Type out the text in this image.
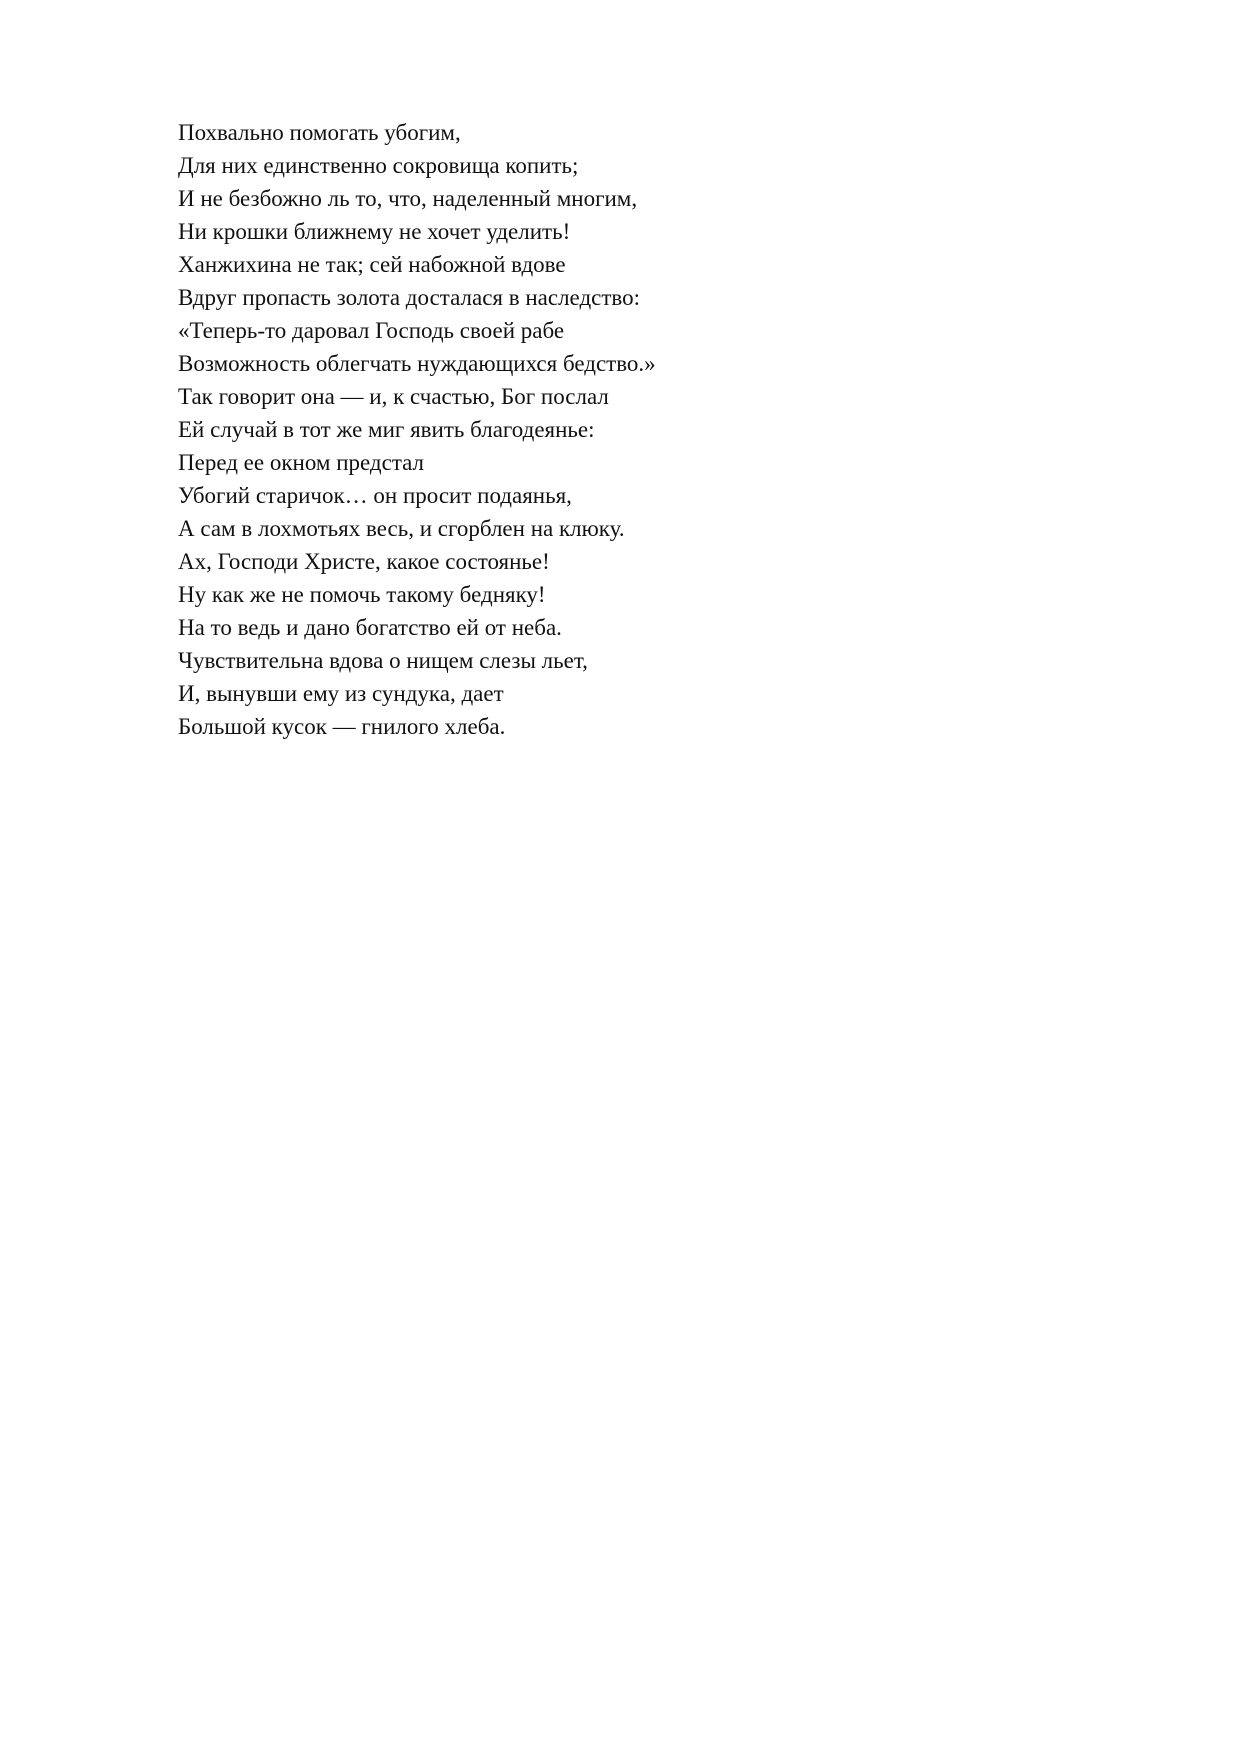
Похвально помогать убогим,
Для них единственно сокровища копить;
И не безбожно ль то, что, наделенный многим,
Ни крошки ближнему не хочет уделить!
Ханжихина не так; сей набожной вдове
Вдруг пропасть золота досталася в наследство:
«Теперь-то даровал Господь своей рабе
Возможность облегчать нуждающихся бедство.»
Так говорит она — и, к счастью, Бог послал
Ей случай в тот же миг явить благодеянье:
Перед ее окном предстал
Убогий старичок… он просит подаянья,
А сам в лохмотьях весь, и сгорблен на клюку.
Ах, Господи Христе, какое состоянье!
Ну как же не помочь такому бедняку!
На то ведь и дано богатство ей от неба.
Чувствительна вдова о нищем слезы льет,
И, вынувши ему из сундука, дает
Большой кусок — гнилого хлеба.
